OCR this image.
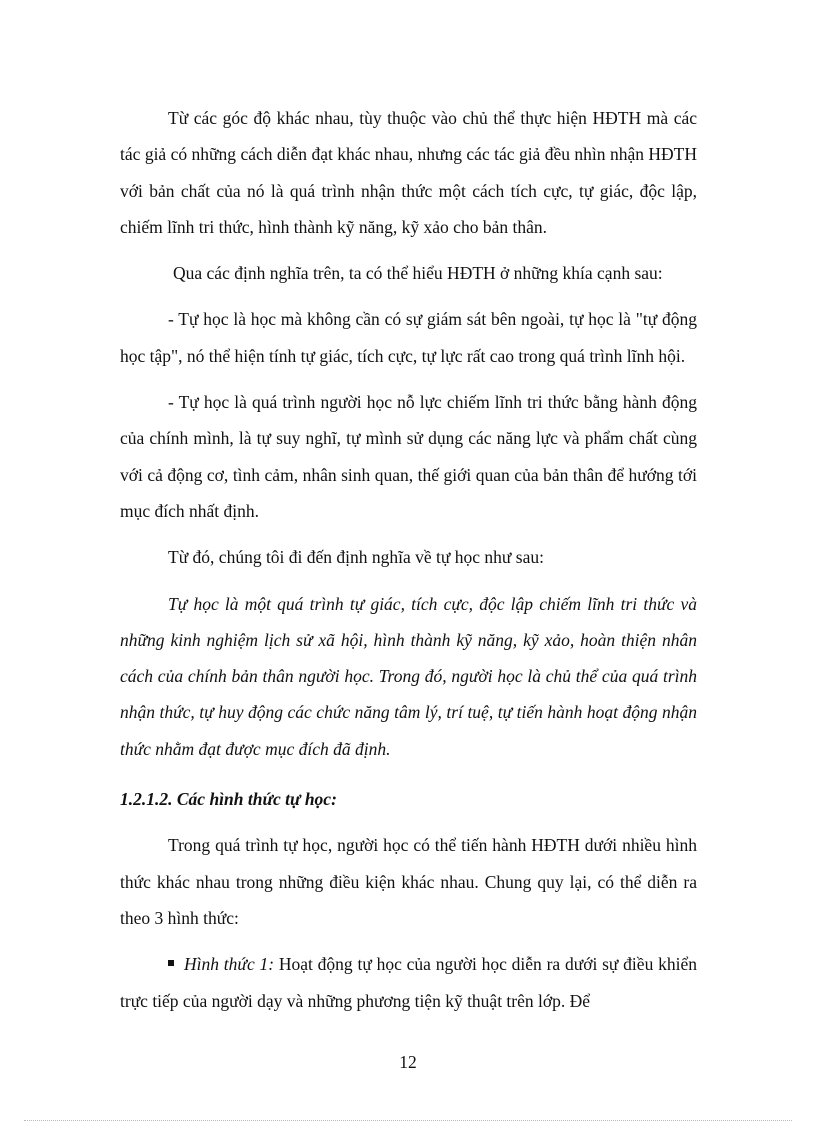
Từ các góc độ khác nhau, tùy thuộc vào chủ thể thực hiện HĐTH mà các tác giả có những cách diễn đạt khác nhau, nhưng các tác giả đều nhìn nhận HĐTH với bản chất của nó là quá trình nhận thức một cách tích cực, tự giác, độc lập, chiếm lĩnh tri thức, hình thành kỹ năng, kỹ xảo cho bản thân.

Qua các định nghĩa trên, ta có thể hiểu HĐTH ở những khía cạnh sau:

- Tự học là học mà không cần có sự giám sát bên ngoài, tự học là "tự động học tập", nó thể hiện tính tự giác, tích cực, tự lực rất cao trong quá trình lĩnh hội.

- Tự học là quá trình người học nỗ lực chiếm lĩnh tri thức bằng hành động của chính mình, là tự suy nghĩ, tự mình sử dụng các năng lực và phẩm chất cùng với cả động cơ, tình cảm, nhân sinh quan, thế giới quan của bản thân để hướng tới mục đích nhất định.

Từ đó, chúng tôi đi đến định nghĩa về tự học như sau:

Tự học là một quá trình tự giác, tích cực, độc lập chiếm lĩnh tri thức và những kinh nghiệm lịch sử xã hội, hình thành kỹ năng, kỹ xảo, hoàn thiện nhân cách của chính bản thân người học. Trong đó, người học là chủ thể của quá trình nhận thức, tự huy động các chức năng tâm lý, trí tuệ, tự tiến hành hoạt động nhận thức nhằm đạt được mục đích đã định.

1.2.1.2. Các hình thức tự học:

Trong quá trình tự học, người học có thể tiến hành HĐTH dưới nhiều hình thức khác nhau trong những điều kiện khác nhau. Chung quy lại, có thể diễn ra theo 3 hình thức:

Hình thức 1: Hoạt động tự học của người học diễn ra dưới sự điều khiển trực tiếp của người dạy và những phương tiện kỹ thuật trên lớp. Để

12
